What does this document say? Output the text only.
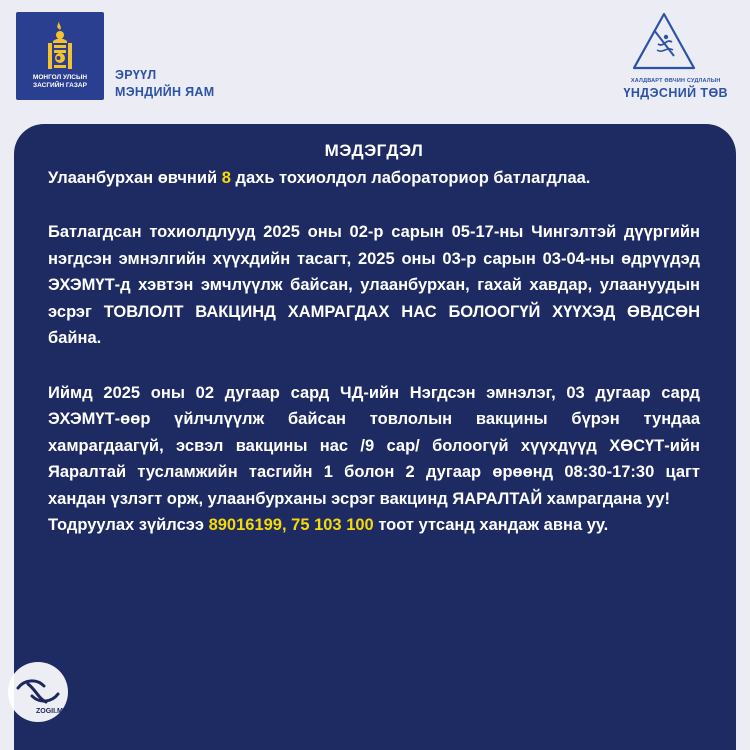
МОНГОЛ УЛСЫН
ЗАСГИЙН ГАЗАР
ЭРҮҮЛ
МЭНДИЙН ЯАМ
ХАЛДВАРТ ӨВЧИН СУДЛАЛЫН
ҮНДЭСНИЙ ТӨВ
МЭДЭГДЭЛ
Улаанбурхан өвчний 8 дахь тохиолдол лабораториор батлагдлаа.

Батлагдсан тохиолдлууд 2025 оны 02-р сарын 05-17-ны Чингэлтэй дүүргийн нэгдсэн эмнэлгийн хүүхдийн тасагт, 2025 оны 03-р сарын 03-04-ны өдрүүдэд ЭХЭМҮТ-д хэвтэн эмчлүүлж байсан, улаанбурхан, гахай хавдар, улаануудын эсрэг ТОВЛОЛТ ВАКЦИНД ХАМРАГДАХ НАС БОЛООГҮЙ ХҮҮХЭД ӨВДСӨН байна.

Иймд 2025 оны 02 дугаар сард ЧД-ийн Нэгдсэн эмнэлэг, 03 дугаар сард ЭХЭМҮТ-өөр үйлчлүүлж байсан товлолын вакцины бүрэн тундаа хамрагдаагүй, эсвэл вакцины нас /9 сар/ болоогүй хүүхдүүд ХӨСҮТ-ийн Яаралтай тусламжийн тасгийн 1 болон 2 дугаар өрөөнд 08:30-17:30 цагт хандан үзлэгт орж, улаанбурханы эсрэг вакцинд ЯАРАЛТАЙ хамрагдана уу!

Тодруулах зүйлсээ 89016199, 75 103 100 тоот утсанд хандаж авна уу.

ZOGII.MN
